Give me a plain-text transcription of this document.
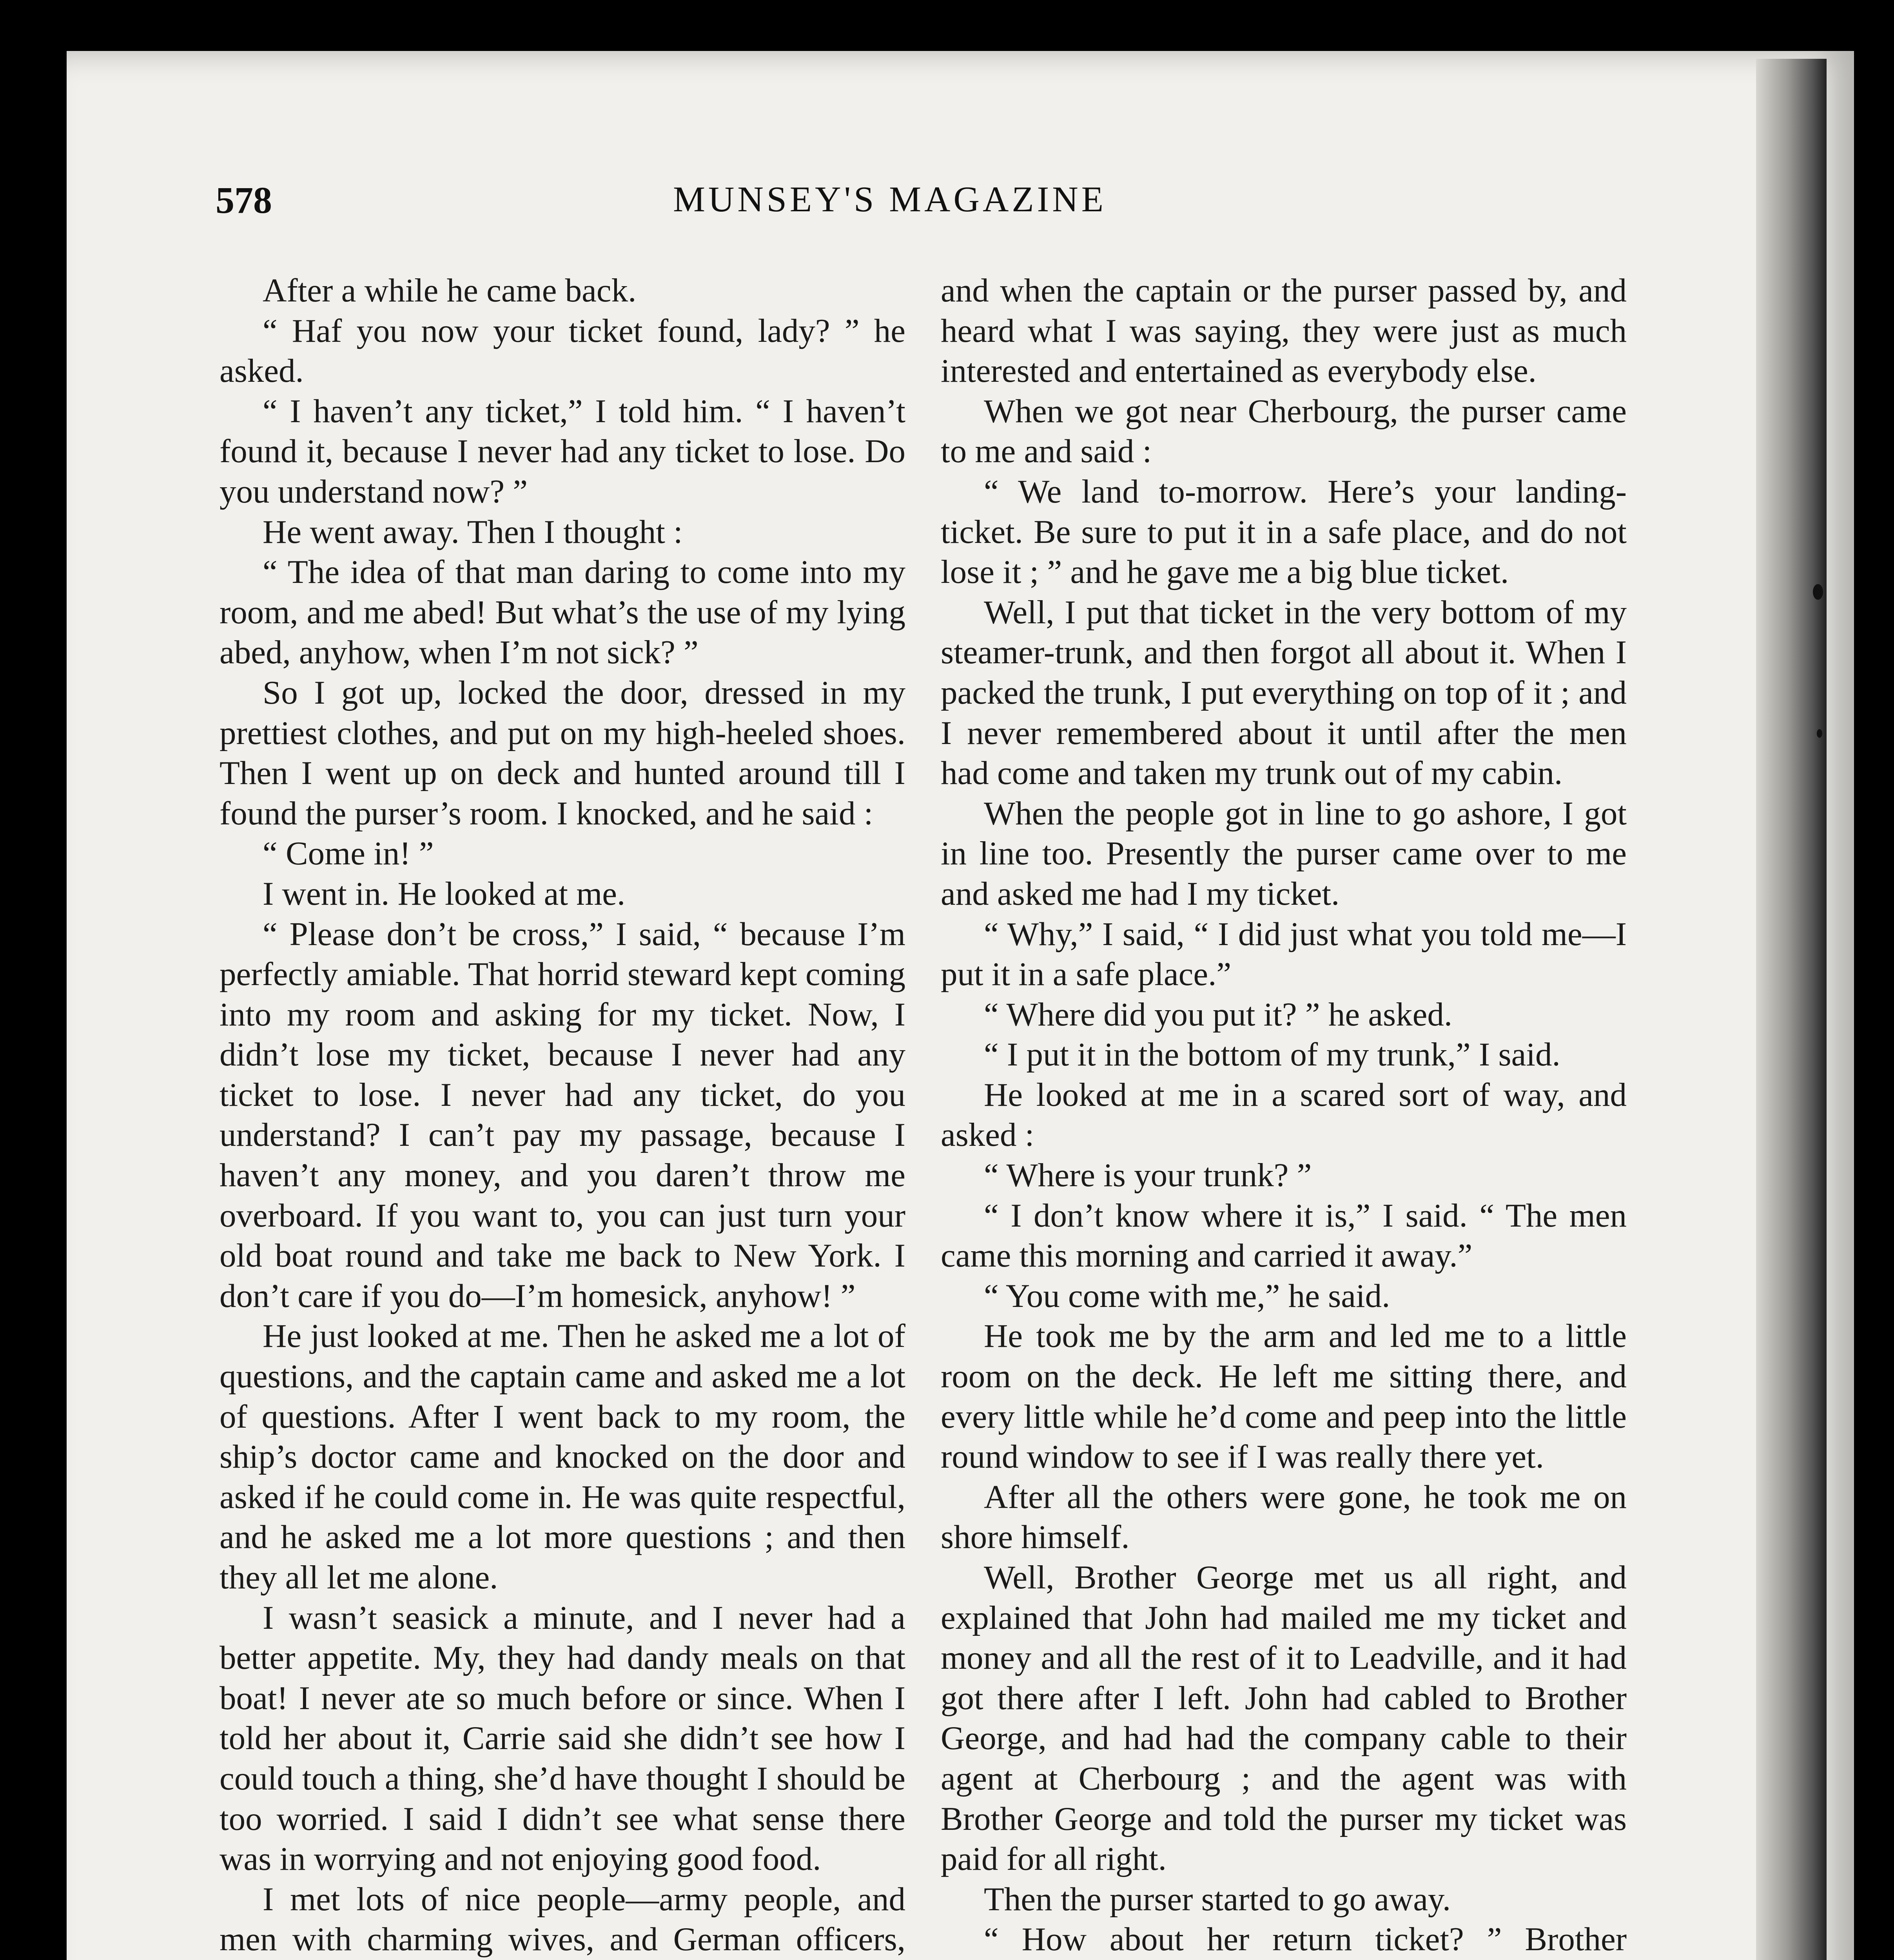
578	MUNSEY'S MAGAZINE

After a while he came back.

“ Haf you now your ticket found, lady? ” he asked.

“ I haven’t any ticket,” I told him. “ I haven’t found it, because I never had any ticket to lose. Do you understand now? ”

He went away. Then I thought :

“ The idea of that man daring to come into my room, and me abed! But what’s the use of my lying abed, anyhow, when I’m not sick? ”

So I got up, locked the door, dressed in my prettiest clothes, and put on my high-heeled shoes. Then I went up on deck and hunted around till I found the purser’s room. I knocked, and he said :

“ Come in! ”

I went in. He looked at me.

“ Please don’t be cross,” I said, “ because I’m perfectly amiable. That horrid steward kept coming into my room and asking for my ticket. Now, I didn’t lose my ticket, because I never had any ticket to lose. I never had any ticket, do you understand? I can’t pay my passage, because I haven’t any money, and you daren’t throw me overboard. If you want to, you can just turn your old boat round and take me back to New York. I don’t care if you do—I’m homesick, anyhow! ”

He just looked at me. Then he asked me a lot of questions, and the captain came and asked me a lot of questions. After I went back to my room, the ship’s doctor came and knocked on the door and asked if he could come in. He was quite respectful, and he asked me a lot more questions ; and then they all let me alone.

I wasn’t seasick a minute, and I never had a better appetite. My, they had dandy meals on that boat! I never ate so much before or since. When I told her about it, Carrie said she didn’t see how I could touch a thing, she’d have thought I should be too worried. I said I didn’t see what sense there was in worrying and not enjoying good food.

I met lots of nice people—army people, and men with charming wives, and German officers,

and when the captain or the purser passed by, and heard what I was saying, they were just as much interested and entertained as everybody else.

When we got near Cherbourg, the purser came to me and said :

“ We land to-morrow. Here’s your landing-ticket. Be sure to put it in a safe place, and do not lose it ; ” and he gave me a big blue ticket.

Well, I put that ticket in the very bottom of my steamer-trunk, and then forgot all about it. When I packed the trunk, I put everything on top of it ; and I never remembered about it until after the men had come and taken my trunk out of my cabin.

When the people got in line to go ashore, I got in line too. Presently the purser came over to me and asked me had I my ticket.

“ Why,” I said, “ I did just what you told me—I put it in a safe place.”

“ Where did you put it? ” he asked.

“ I put it in the bottom of my trunk,” I said.

He looked at me in a scared sort of way, and asked :

“ Where is your trunk? ”

“ I don’t know where it is,” I said. “ The men came this morning and carried it away.”

“ You come with me,” he said.

He took me by the arm and led me to a little room on the deck. He left me sitting there, and every little while he’d come and peep into the little round window to see if I was really there yet.

After all the others were gone, he took me on shore himself.

Well, Brother George met us all right, and explained that John had mailed me my ticket and money and all the rest of it to Leadville, and it had got there after I left. John had cabled to Brother George, and had had the company cable to their agent at Cherbourg ; and the agent was with Brother George and told the purser my ticket was paid for all right.

Then the purser started to go away.

“ How about her return ticket? ” Brother
